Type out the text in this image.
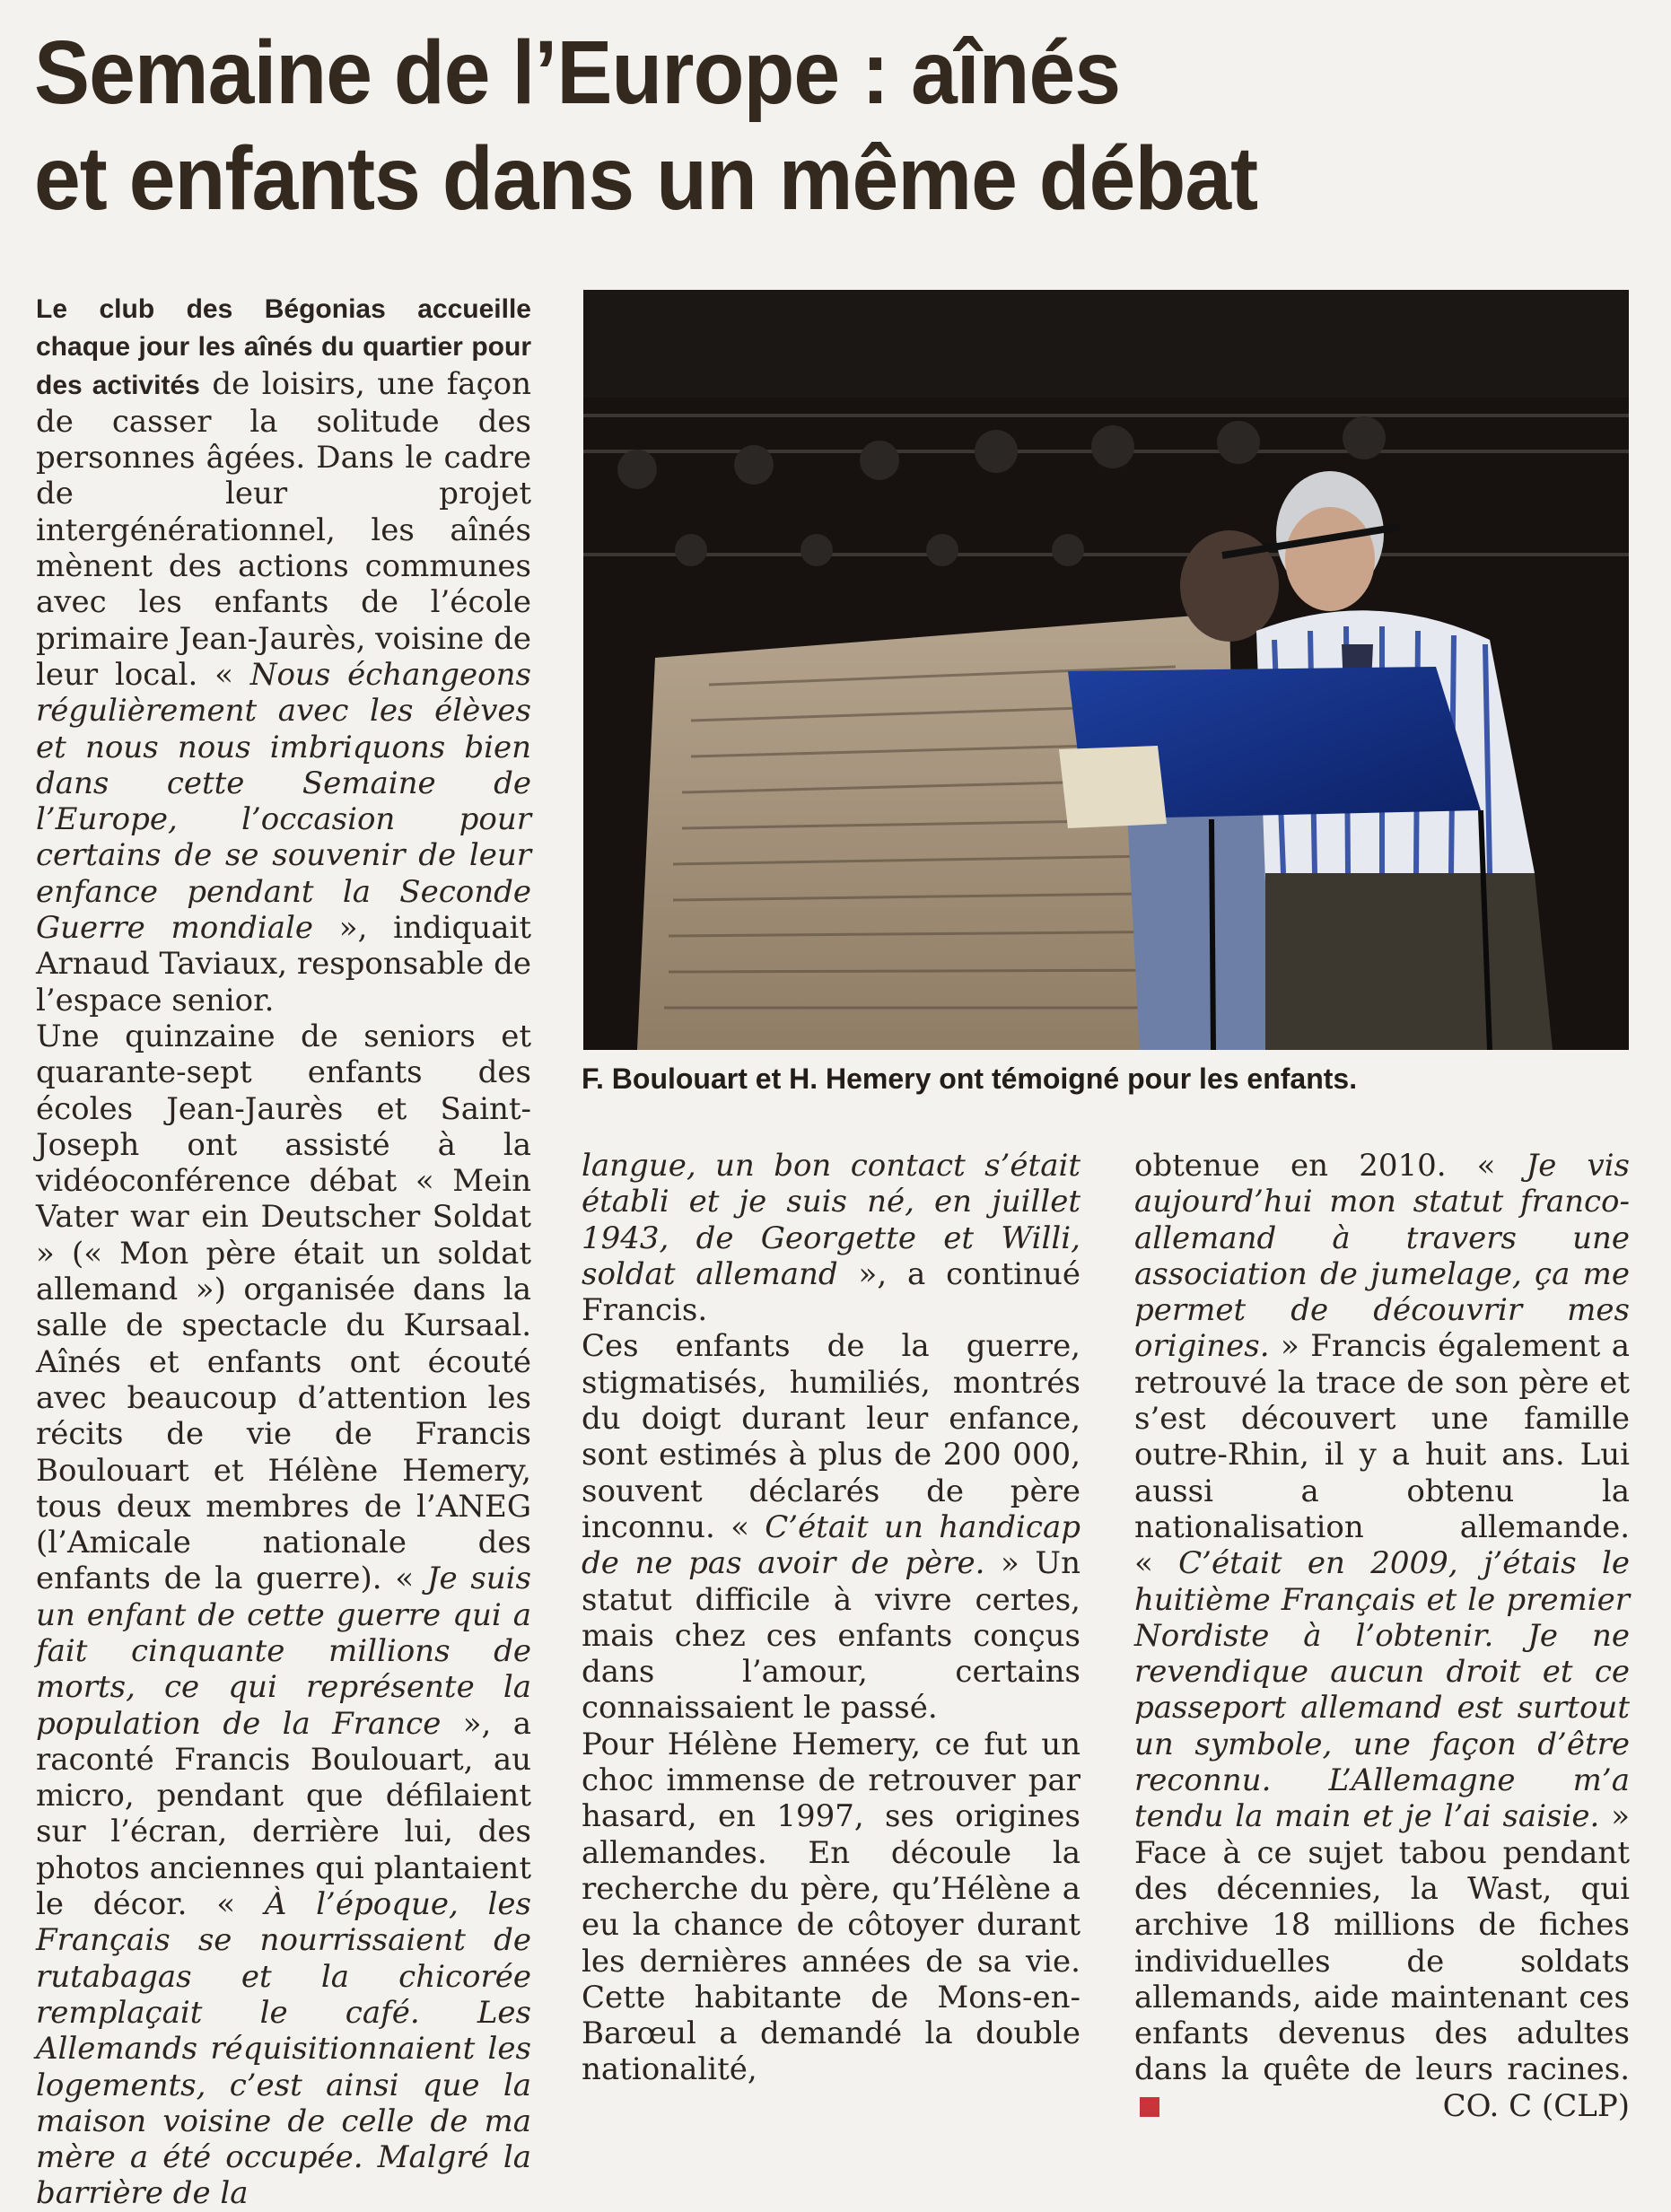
Semaine de l’Europe : aînés
et enfants dans un même débat

Le club des Bégonias accueille chaque jour les aînés du quartier pour des activités de loisirs, une façon de casser la solitude des personnes âgées. Dans le cadre de leur projet intergénérationnel, les aînés mènent des actions communes avec les enfants de l’école primaire Jean-Jaurès, voisine de leur local. « Nous échangeons régulièrement avec les élèves et nous nous imbriquons bien dans cette Semaine de l’Europe, l’occasion pour certains de se souvenir de leur enfance pendant la Seconde Guerre mondiale », indiquait Arnaud Taviaux, responsable de l’espace senior.

Une quinzaine de seniors et quarante-sept enfants des écoles Jean-Jaurès et Saint-Joseph ont assisté à la vidéoconférence débat « Mein Vater war ein Deutscher Soldat » (« Mon père était un soldat allemand ») organisée dans la salle de spectacle du Kursaal. Aînés et enfants ont écouté avec beaucoup d’attention les récits de vie de Francis Boulouart et Hélène Hemery, tous deux membres de l’ANEG (l’Amicale nationale des enfants de la guerre). « Je suis un enfant de cette guerre qui a fait cinquante millions de morts, ce qui représente la population de la France », a raconté Francis Boulouart, au micro, pendant que défilaient sur l’écran, derrière lui, des photos anciennes qui plantaient le décor. « À l’époque, les Français se nourrissaient de rutabagas et la chicorée remplaçait le café. Les Allemands réquisitionnaient les logements, c’est ainsi que la maison voisine de celle de ma mère a été occupée. Malgré la barrière de la

F. Boulouart et H. Hemery ont témoigné pour les enfants.

langue, un bon contact s’était établi et je suis né, en juillet 1943, de Georgette et Willi, soldat allemand », a continué Francis.

Ces enfants de la guerre, stigmatisés, humiliés, montrés du doigt durant leur enfance, sont estimés à plus de 200 000, souvent déclarés de père inconnu. « C’était un handicap de ne pas avoir de père. » Un statut difficile à vivre certes, mais chez ces enfants conçus dans l’amour, certains connaissaient le passé.

Pour Hélène Hemery, ce fut un choc immense de retrouver par hasard, en 1997, ses origines allemandes. En découle la recherche du père, qu’Hélène a eu la chance de côtoyer durant les dernières années de sa vie. Cette habitante de Mons-en-Barœul a demandé la double nationalité,

obtenue en 2010. « Je vis aujourd’hui mon statut franco-allemand à travers une association de jumelage, ça me permet de découvrir mes origines. » Francis également a retrouvé la trace de son père et s’est découvert une famille outre-Rhin, il y a huit ans. Lui aussi a obtenu la nationalisation allemande. « C’était en 2009, j’étais le huitième Français et le premier Nordiste à l’obtenir. Je ne revendique aucun droit et ce passeport allemand est surtout un symbole, une façon d’être reconnu. L’Allemagne m’a tendu la main et je l’ai saisie. » Face à ce sujet tabou pendant des décennies, la Wast, qui archive 18 millions de fiches individuelles de soldats allemands, aide maintenant ces enfants devenus des adultes dans la quête de leurs racines.
CO. C (CLP)
